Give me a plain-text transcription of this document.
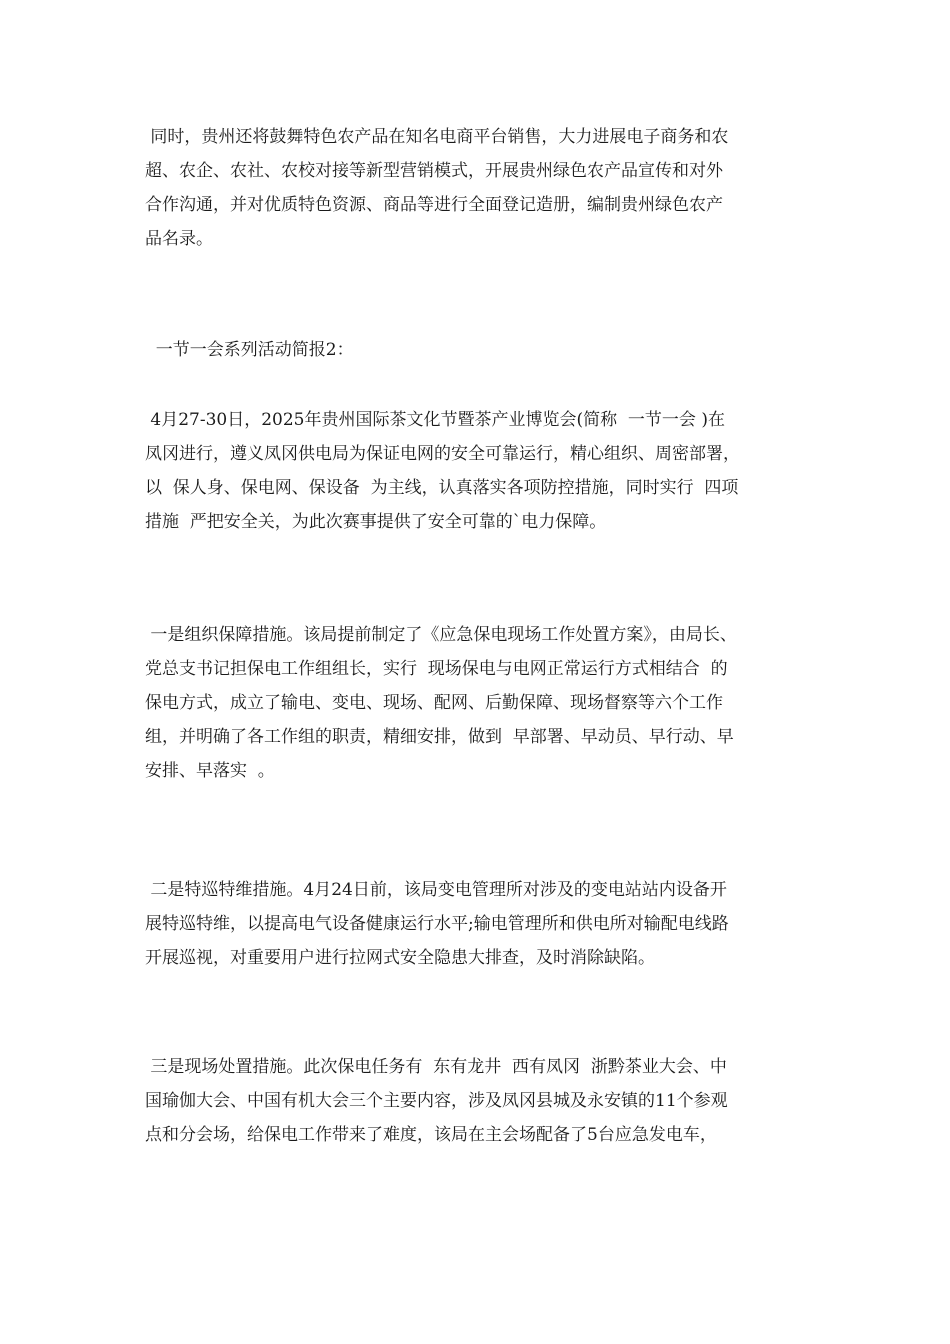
同时，贵州还将鼓舞特色农产品在知名电商平台销售，大力进展电子商务和农
超、农企、农社、农校对接等新型营销模式，开展贵州绿色农产品宣传和对外
合作沟通，并对优质特色资源、商品等进行全面登记造册，编制贵州绿色农产
品名录。
一节一会系列活动简报2：
4月27-30日，2025年贵州国际茶文化节暨茶产业博览会(简称  一节一会 )在
凤冈进行，遵义凤冈供电局为保证电网的安全可靠运行，精心组织、周密部署，
以  保人身、保电网、保设备  为主线，认真落实各项防控措施，同时实行  四项
措施  严把安全关，为此次赛事提供了安全可靠的`电力保障。
一是组织保障措施。该局提前制定了《应急保电现场工作处置方案》，由局长、
党总支书记担保电工作组组长，实行  现场保电与电网正常运行方式相结合  的
保电方式，成立了输电、变电、现场、配网、后勤保障、现场督察等六个工作
组，并明确了各工作组的职责，精细安排，做到  早部署、早动员、早行动、早
安排、早落实  。
二是特巡特维措施。4月24日前，该局变电管理所对涉及的变电站站内设备开
展特巡特维，以提高电气设备健康运行水平;输电管理所和供电所对输配电线路
开展巡视，对重要用户进行拉网式安全隐患大排查，及时消除缺陷。
三是现场处置措施。此次保电任务有  东有龙井  西有凤冈  浙黔茶业大会、中
国瑜伽大会、中国有机大会三个主要内容，涉及凤冈县城及永安镇的11个参观
点和分会场，给保电工作带来了难度，该局在主会场配备了5台应急发电车，
